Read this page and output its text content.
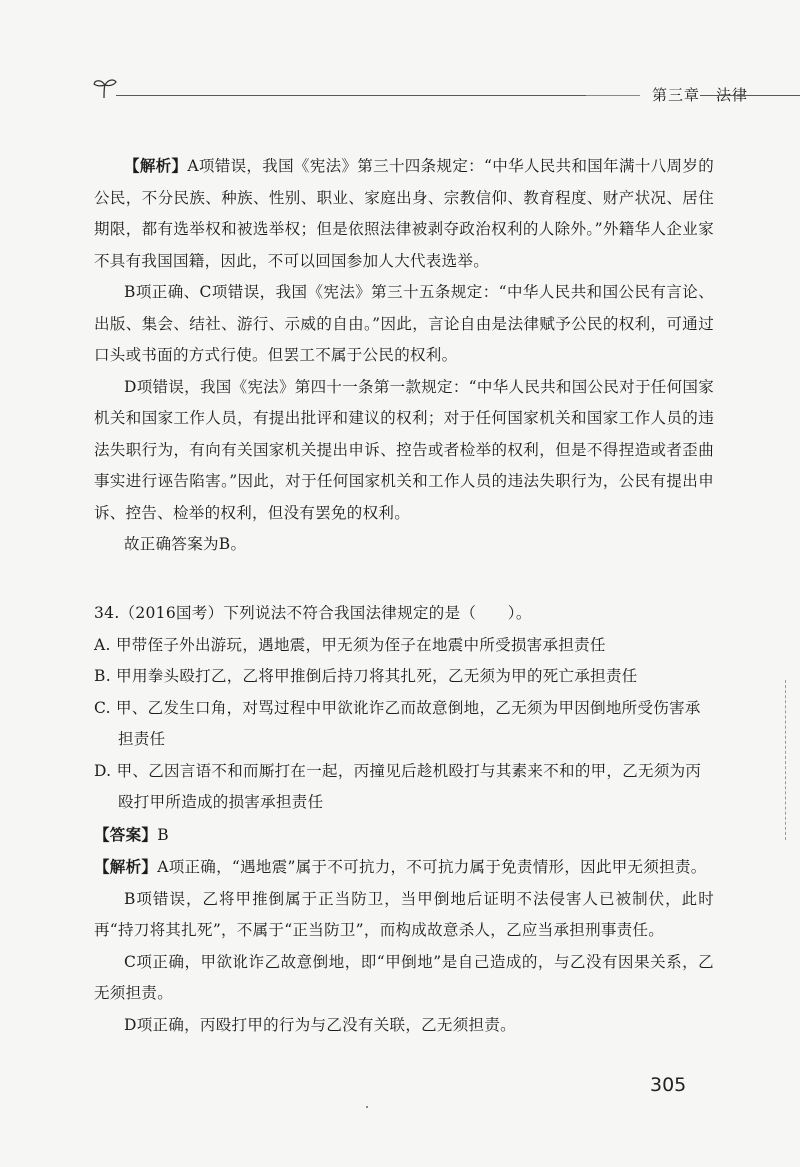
第三章　法律

【解析】A项错误，我国《宪法》第三十四条规定：“中华人民共和国年满十八周岁的公民，不分民族、种族、性别、职业、家庭出身、宗教信仰、教育程度、财产状况、居住期限，都有选举权和被选举权；但是依照法律被剥夺政治权利的人除外。”外籍华人企业家不具有我国国籍，因此，不可以回国参加人大代表选举。

B项正确、C项错误，我国《宪法》第三十五条规定：“中华人民共和国公民有言论、出版、集会、结社、游行、示威的自由。”因此，言论自由是法律赋予公民的权利，可通过口头或书面的方式行使。但罢工不属于公民的权利。

D项错误，我国《宪法》第四十一条第一款规定：“中华人民共和国公民对于任何国家机关和国家工作人员，有提出批评和建议的权利；对于任何国家机关和国家工作人员的违法失职行为，有向有关国家机关提出申诉、控告或者检举的权利，但是不得捏造或者歪曲事实进行诬告陷害。”因此，对于任何国家机关和工作人员的违法失职行为，公民有提出申诉、控告、检举的权利，但没有罢免的权利。

故正确答案为B。

34.（2016国考）下列说法不符合我国法律规定的是（　　）。

A. 甲带侄子外出游玩，遇地震，甲无须为侄子在地震中所受损害承担责任

B. 甲用拳头殴打乙，乙将甲推倒后持刀将其扎死，乙无须为甲的死亡承担责任

C. 甲、乙发生口角，对骂过程中甲欲讹诈乙而故意倒地，乙无须为甲因倒地所受伤害承担责任

D. 甲、乙因言语不和而厮打在一起，丙撞见后趁机殴打与其素来不和的甲，乙无须为丙殴打甲所造成的损害承担责任

【答案】B

【解析】A项正确，“遇地震”属于不可抗力，不可抗力属于免责情形，因此甲无须担责。

B项错误，乙将甲推倒属于正当防卫，当甲倒地后证明不法侵害人已被制伏，此时再“持刀将其扎死”，不属于“正当防卫”，而构成故意杀人，乙应当承担刑事责任。

C项正确，甲欲讹诈乙故意倒地，即“甲倒地”是自己造成的，与乙没有因果关系，乙无须担责。

D项正确，丙殴打甲的行为与乙没有关联，乙无须担责。

305
